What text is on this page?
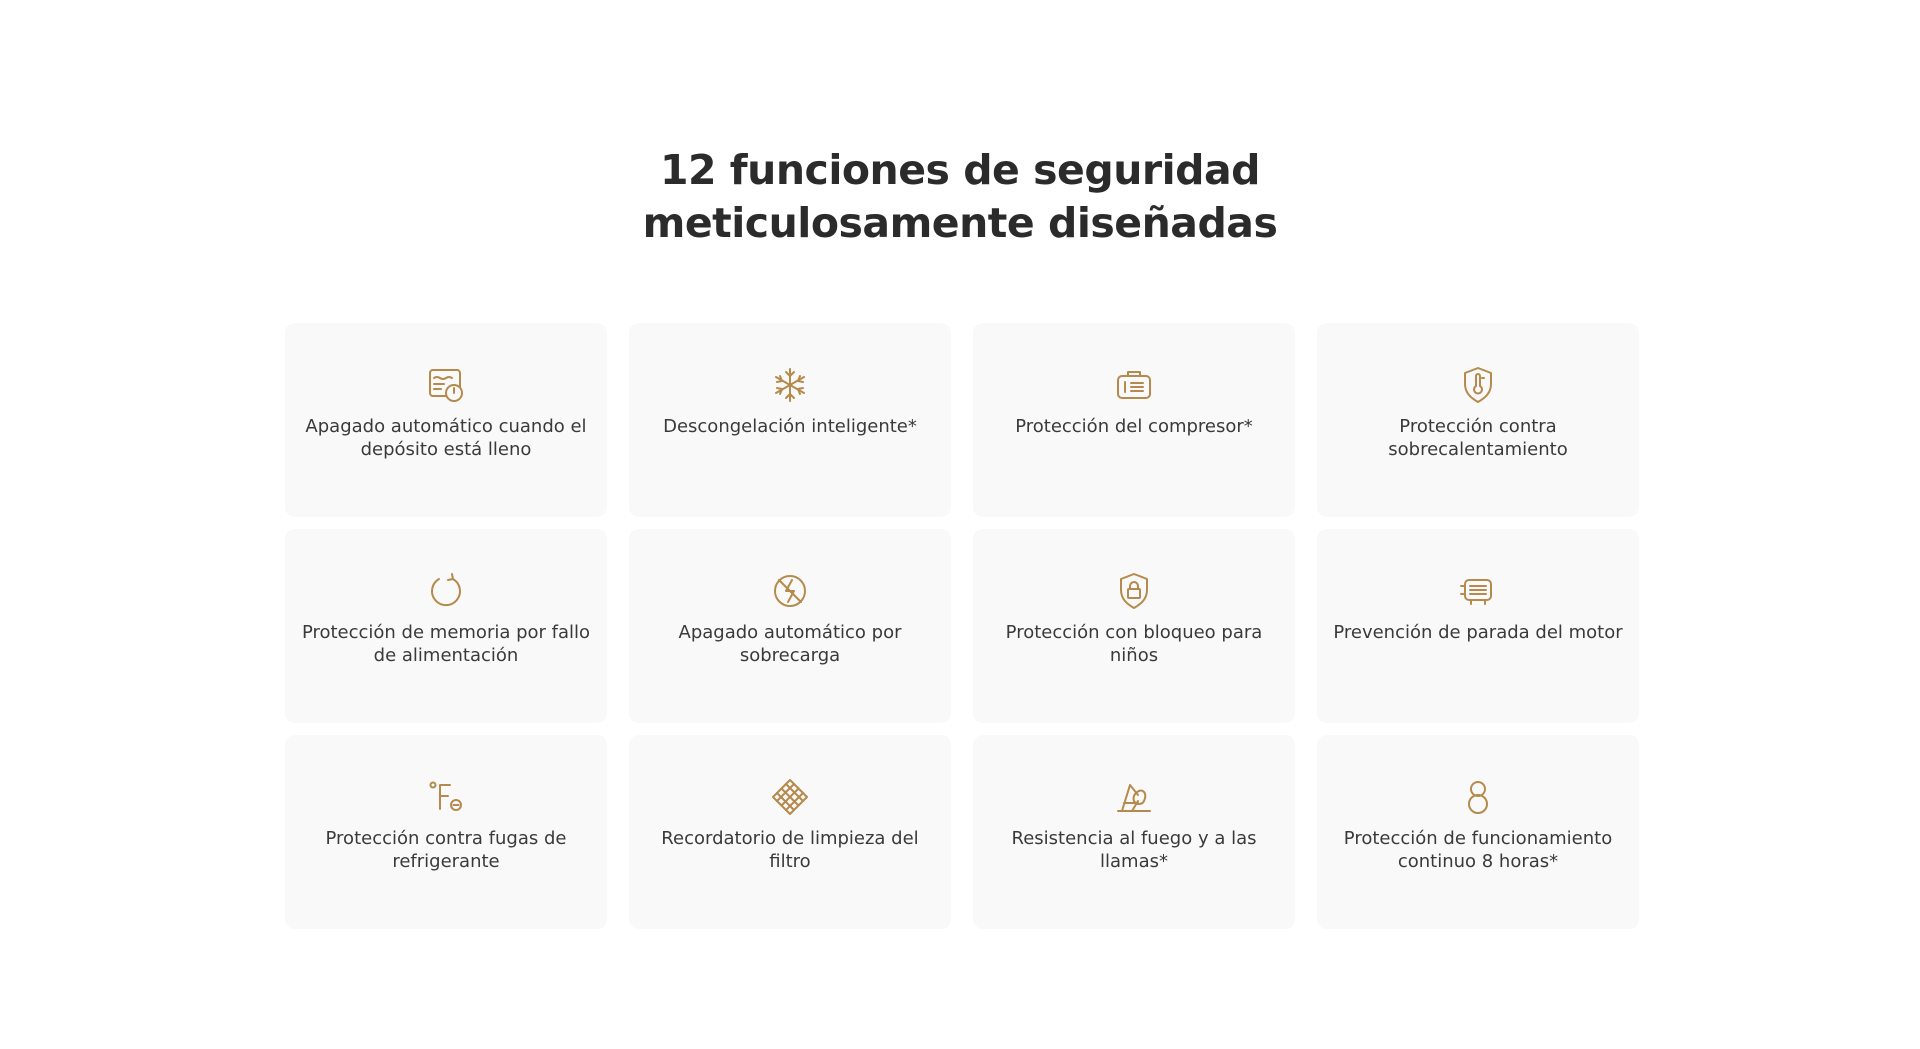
12 funciones de seguridad
meticulosamente diseñadas
Apagado automático cuando el depósito está lleno
Descongelación inteligente*	Protección del compresor*	Protección contra sobrecalentamiento
Protección de memoria por fallo de alimentación
Apagado automático por sobrecarga
Protección con bloqueo para niños
Prevención de parada del motor
Protección contra fugas de refrigerante
Recordatorio de limpieza del filtro
Resistencia al fuego y a las llamas*
Protección de funcionamiento continuo 8 horas*
